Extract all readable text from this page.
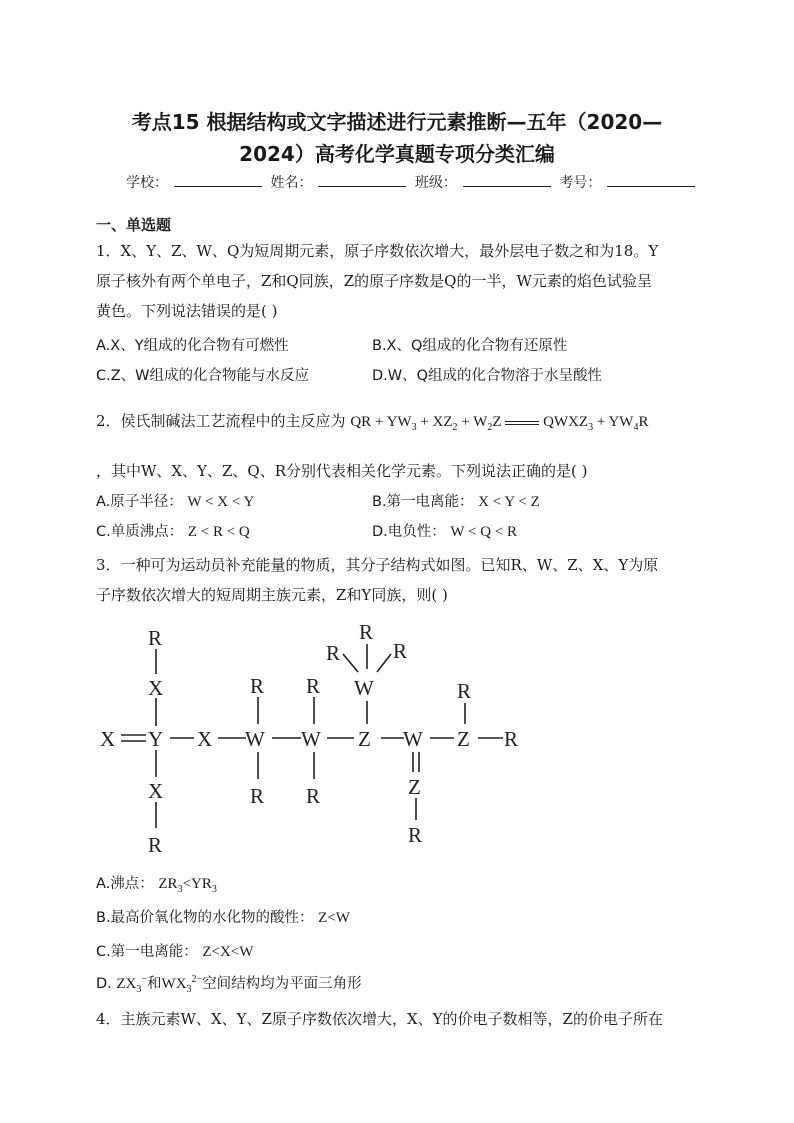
考点15 根据结构或文字描述进行元素推断—五年（2020—
2024）高考化学真题专项分类汇编
学校：	姓名：	班级：	考号：
一、单选题
1．X、Y、Z、W、Q为短周期元素，原子序数依次增大，最外层电子数之和为18。Y
原子核外有两个单电子，Z和Q同族，Z的原子序数是Q的一半，W元素的焰色试验呈
黄色。下列说法错误的是( )
A.X、Y组成的化合物有可燃性	B.X、Q组成的化合物有还原性
C.Z、W组成的化合物能与水反应	D.W、Q组成的化合物溶于水呈酸性
2．侯氏制碱法工艺流程中的主反应为 QR + $YW_3 + XZ_2 + W_2Z$  $QWXZ_3 + YW_4R$
，其中W、X、Y、Z、Q、R分别代表相关化学元素。下列说法正确的是( )
A.原子半径： W < X < Y	B.第一电离能： X < Y < Z
C.单质沸点： Z < R < Q	D.电负性： W < Q < R
3．一种可为运动员补充能量的物质，其分子结构式如图。已知R、W、Z、X、Y为原
子序数依次增大的短周期主族元素，Z和Y同族，则( )
R
X
X Y X W
R
R
W
R
R
Z
W
R
R	R
W
Z
R
Z
R
R
X
R
A.沸点： $ZR_3<YR_3$
B.最高价氧化物的水化物的酸性： Z<W
C.第一电离能： Z<X<W
D. $ZX_3^-$和$WX_3^{2-}$空间结构均为平面三角形
4．主族元素W、X、Y、Z原子序数依次增大，X、Y的价电子数相等，Z的价电子所在
